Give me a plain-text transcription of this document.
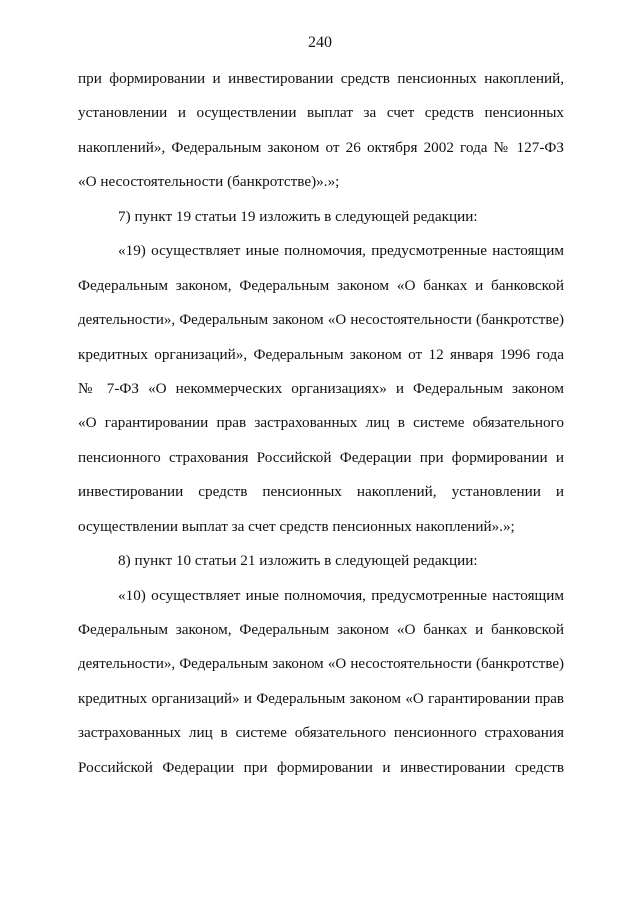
240
при формировании и инвестировании средств пенсионных накоплений,
установлении и осуществлении выплат за счет средств пенсионных
накоплений», Федеральным законом от 26 октября 2002 года № 127-ФЗ
«О несостоятельности (банкротстве)».»;
7) пункт 19 статьи 19 изложить в следующей редакции:
«19) осуществляет иные полномочия, предусмотренные настоящим
Федеральным законом, Федеральным законом «О банках и банковской
деятельности», Федеральным законом «О несостоятельности (банкротстве)
кредитных организаций», Федеральным законом от 12 января 1996 года
№ 7-ФЗ «О некоммерческих организациях» и Федеральным законом
«О гарантировании прав застрахованных лиц в системе обязательного
пенсионного страхования Российской Федерации при формировании и
инвестировании средств пенсионных накоплений, установлении и
осуществлении выплат за счет средств пенсионных накоплений».»;
8) пункт 10 статьи 21 изложить в следующей редакции:
«10) осуществляет иные полномочия, предусмотренные настоящим
Федеральным законом, Федеральным законом «О банках и банковской
деятельности», Федеральным законом «О несостоятельности (банкротстве)
кредитных организаций» и Федеральным законом «О гарантировании прав
застрахованных лиц в системе обязательного пенсионного страхования
Российской Федерации при формировании и инвестировании средств
